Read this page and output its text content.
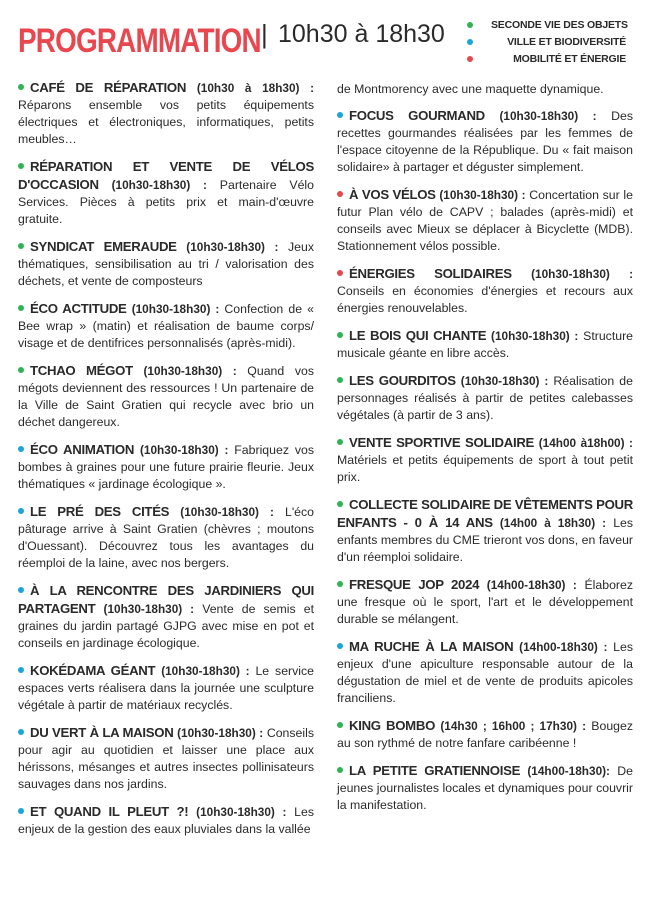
PROGRAMMATION | 10h30 à 18h30	SECONDE VIE DES OBJETS
VILLE ET BIODIVERSITÉ
MOBILITÉ ET ÉNERGIE
CAFÉ DE RÉPARATION (10h30 à 18h30) : Réparons ensemble vos petits équipements électriques et électroniques, informatiques, petits meubles…
RÉPARATION ET VENTE DE VÉLOS D'OCCASION (10h30-18h30) : Partenaire Vélo Services. Pièces à petits prix et main-d'œuvre gratuite.
SYNDICAT EMERAUDE (10h30-18h30) : Jeux thématiques, sensibilisation au tri / valorisation des déchets, et vente de composteurs
ÉCO ACTITUDE (10h30-18h30) : Confection de « Bee wrap » (matin) et réalisation de baume corps/ visage et de dentifrices personnalisés (après-midi).
TCHAO MÉGOT (10h30-18h30) : Quand vos mégots deviennent des ressources ! Un partenaire de la Ville de Saint Gratien qui recycle avec brio un déchet dangereux.
ÉCO ANIMATION (10h30-18h30) : Fabriquez vos bombes à graines pour une future prairie fleurie. Jeux thématiques « jardinage écologique ».
LE PRÉ DES CITÉS (10h30-18h30) : L'éco pâturage arrive à Saint Gratien (chèvres ; moutons d'Ouessant). Découvrez tous les avantages du réemploi de la laine, avec nos bergers.
À LA RENCONTRE DES JARDINIERS QUI PARTAGENT (10h30-18h30) : Vente de semis et graines du jardin partagé GJPG avec mise en pot et conseils en jardinage écologique.
KOKÉDAMA GÉANT (10h30-18h30) : Le service espaces verts réalisera dans la journée une sculpture végétale à partir de matériaux recyclés.
DU VERT À LA MAISON (10h30-18h30) : Conseils pour agir au quotidien et laisser une place aux hérissons, mésanges et autres insectes pollinisateurs sauvages dans nos jardins.
ET QUAND IL PLEUT ?! (10h30-18h30) : Les enjeux de la gestion des eaux pluviales dans la vallée
de Montmorency avec une maquette dynamique.
FOCUS GOURMAND (10h30-18h30) : Des recettes gourmandes réalisées par les femmes de l'espace citoyenne de la République. Du « fait maison solidaire» à partager et déguster simplement.
À VOS VÉLOS (10h30-18h30) : Concertation sur le futur Plan vélo de CAPV ; balades (après-midi) et conseils avec Mieux se déplacer à Bicyclette (MDB). Stationnement vélos possible.
ÉNERGIES SOLIDAIRES (10h30-18h30) : Conseils en économies d'énergies et recours aux énergies renouvelables.
LE BOIS QUI CHANTE (10h30-18h30) : Structure musicale géante en libre accès.
LES GOURDITOS (10h30-18h30) : Réalisation de personnages réalisés à partir de petites calebasses végétales (à partir de 3 ans).
VENTE SPORTIVE SOLIDAIRE (14h00 à18h00) : Matériels et petits équipements de sport à tout petit prix.
COLLECTE SOLIDAIRE DE VÊTEMENTS POUR ENFANTS - 0 À 14 ANS (14h00 à 18h30) : Les enfants membres du CME trieront vos dons, en faveur d'un réemploi solidaire.
FRESQUE JOP 2024 (14h00-18h30) : Élaborez une fresque où le sport, l'art et le développement durable se mélangent.
MA RUCHE À LA MAISON (14h00-18h30) : Les enjeux d'une apiculture responsable autour de la dégustation de miel et de vente de produits apicoles franciliens.
KING BOMBO (14h30 ; 16h00 ; 17h30) : Bougez au son rythmé de notre fanfare caribéenne !
LA PETITE GRATIENNOISE (14h00-18h30): De jeunes journalistes locales et dynamiques pour couvrir la manifestation.
